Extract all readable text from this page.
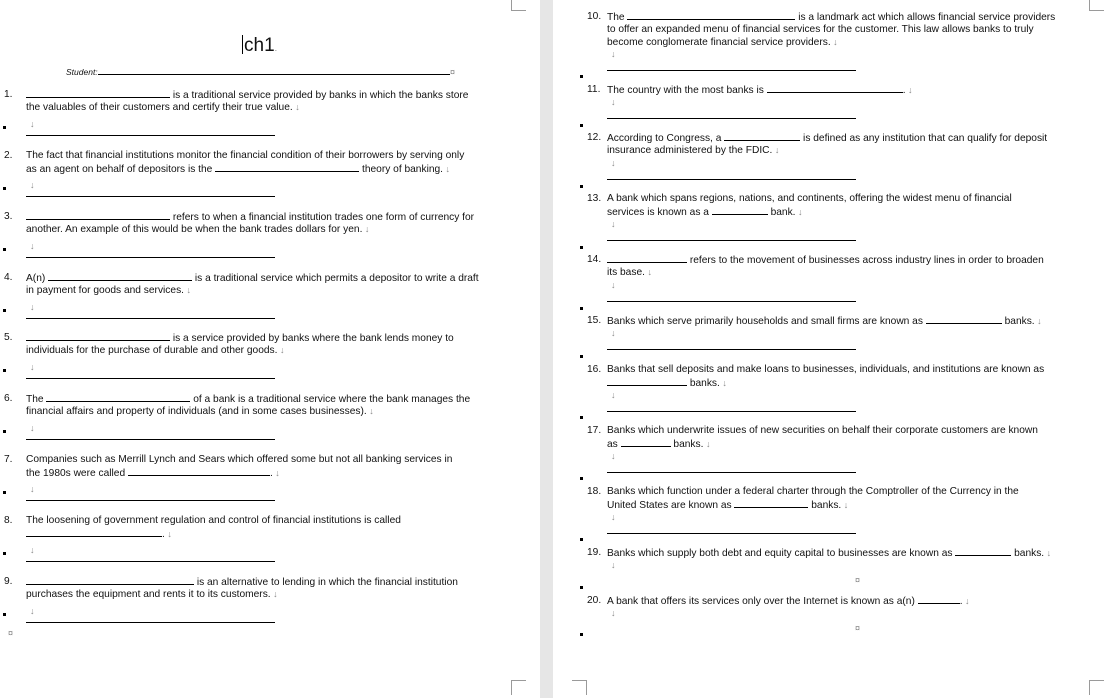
ch1.
Student:	¤
1.	is a traditional service provided by banks in which the banks store
the valuables of their customers and certify their true value. ↓
↓
2. The fact that financial institutions monitor the financial condition of their borrowers by serving only
as an agent on behalf of depositors is the	theory of banking. ↓
↓
3.	refers to when a financial institution trades one form of currency for
another. An example of this would be when the bank trades dollars for yen. ↓
↓
4. A(n)	is a traditional service which permits a depositor to write a draft
in payment for goods and services. ↓
↓
5.	is a service provided by banks where the bank lends money to
individuals for the purchase of durable and other goods. ↓
↓
6. The	of a bank is a traditional service where the bank manages the
financial affairs and property of individuals (and in some cases businesses). ↓
↓
7. Companies such as Merrill Lynch and Sears which offered some but not all banking services in
the 1980s were called	. ↓
↓
8. The loosening of government regulation and control of financial institutions is called
. ↓
↓
9.	is an alternative to lending in which the financial institution
purchases the equipment and rents it to its customers. ↓
↓
¤
10. The	is a landmark act which allows financial service providers
to offer an expanded menu of financial services for the customer. This law allows banks to truly
become conglomerate financial service providers. ↓
↓
11. The country with the most banks is	. ↓
↓
12. According to Congress, a	is defined as any institution that can qualify for deposit
insurance administered by the FDIC. ↓
↓
13. A bank which spans regions, nations, and continents, offering the widest menu of financial
services is known as a	bank. ↓
↓
14.	refers to the movement of businesses across industry lines in order to broaden
its base. ↓
↓
15. Banks which serve primarily households and small firms are known as	banks. ↓
↓
16. Banks that sell deposits and make loans to businesses, individuals, and institutions are known as
banks. ↓
↓
17. Banks which underwrite issues of new securities on behalf their corporate customers are known
as	banks. ↓
↓
18. Banks which function under a federal charter through the Comptroller of the Currency in the
United States are known as	banks. ↓
↓
19. Banks which supply both debt and equity capital to businesses are known as	banks. ↓
↓
¤
20. A bank that offers its services only over the Internet is known as a(n)	. ↓
↓
¤
